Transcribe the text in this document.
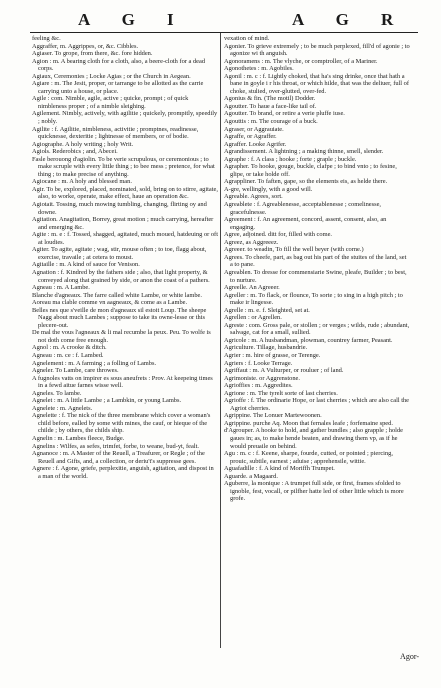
A G I	A G R

feeling &c.

Aggraffer, m. Aggrippes, or, &c. Cibbles.

Agiaser. To grope, from there, &c. fore hidden.

Agion : m. A bearing cloth for a cloth, also, a beere-cloth for a dead corps.

Agiaux, Ceremonies ; Locke Agias ; or the Church in Aegean.

Agiare : m. The Jesit, proper, or tarrange to be allotted as the carrie carrying unto a house, or place.

Agile : com. Nimble, agile, active ; quicke, prompt ; of quick nimbleness proper ; of a nimble sleighing.

Agilement. Nimbly, actively, with agilitie ; quickely, prompitly, speedily ; nobly.

Agilite : f. Agilitie, nimbleness, activitie ; promptnes, readinesse, quicknesse, dexteritie ; lightnesse of members, or of bodie.

Agiographe. A holy writing ; holy Writ.

Agiols. Rederobics ; and, Abecei.

Fasle berouong d'agiolin. To be verie scrupulous, or ceremonious ; to make scruple with every little thing ; to bee mess ; pretence, for what thing ; to make precise of anything.

Agiocane : m. A holy and blessed man.

Agir. To be, explored, placed, nominated, sold, bring on to stirre, agitate, also, to worke, operate, make effect, haue an operation &c.

Agiotait. Tossing, much mowing tumbling, changing, flirting oy and downe.

Agitation. Anagitation, Borrey, great motion ; much carrying, hereafter and emerging &c.

Agite : m. e : f. Tossed, shagged, agitated, much moued, hatdeuing or oft at loudies.

Agiter. To agite, agitate ; wag, stir, mouse often ; to toe, flagg about, exercise, travaile ; at cetera to moust.

Agitaille : m. A kind of sauce for Venison.

Agnation : f. Kindred by the fathers side ; also, that light property, & conveyed along that grained by side, or anon the coast of a pathers.

Agneau : m. A Lambe.

Blanche d'agneaux. The farre called white Lambe, or white lambe.

Aoreau ma clable comme vn aagneaux, & come as a Lambe.

Belles nes que s'veille de mon d'agneaux sil estoit Loup. The sheepe Nagg about much Lambes ; suppose to take its owne-lesse or this plecere-out.

De mal the vous l'agneaux & li mal recumbe la peux. Peu. To wolfe is not doth come free enough.

Agnol : m. A crooke & ditch.

Agneau : m. ce : f. Lambed.

Agnelement : m. A farming ; a folling of Lambs.

Agneler. To Lambe, care throwes.

A fugnoles vatts on impirer es sous aneufrets : Prov. At keepeing times in a fewd aitue farnes wisse well.

Agneles. To lambe.

Agnelet : m. A little Lambe ; a Lambkin, or young Lambs.

Agnelete : m. Agnelets.

Agnelette : f. The nick of the three membrane which cover a woman's child before, ealled by some with mines, the cauf, or hieque of the childe ; by others, the childs ship.

Agnelin : m. Lambes fleece, Budge.

Agnelins : Wilfes, as sefes, trimfet, forbe, to weane, bud-yt, fealt.

Agnanoce : m. A Master of the Reuell, a Treafurer, or Regle ; of the Reuell and Gifts, and, a collection, or deriu't's suppresse gees.

Agnere : f. Agone, griefe, perplexitie, anguish, agitation, and dispost in a man of the world.

vexation of mind.

Agonier. To grieve extremely ; to be much perplexed, fill'd of agonie ; to agonize wi th anguish.

Agonoramens : m. The vlyche, or comptroller, of a Mariner.

Agonothetes : m. Agobiles.

Agonil : m. c : f. Lightly choked, that ha's sing drinke, once that hath a bane in goyle i r his throat, or which hilde, that was the deliuer, full of choke, stulied, over-glutted, over-fed.

Agonius & fin. (The motil) Dodder.

Agoutter. To haue a face-like tail of.

Agoutter. To brand, or retire a verie pluffe iuse.

Agouttis : m. The courage of a buck.

Agraser, or Aggrauiate.

Agraffe, or Agraffer.

Agraffer. Looke Agrifer.

Agrandissement. A lightning ; a making thinne, smell, slender.

Agraphe : f. A class ; hooke ; forte ; graple ; buckle.

Agrapher. To hooke, gouge, buckle, clafpe ; to bind vnto ; to fesine, glipe, or take holde off.

Agrappliner. To faften, gape, so the elements eis, as helde there.

A-gre, wellingly, with a good will.

Agreable. Agrees, sort.

Agreablete : f. Agreablenesse, acceptablenesse ; comelinesse, gracefulnesse.

Agreement : f. An agreement, concord, assent, consent, also, an engaging.

Agree, adjoined. ditt for, filled with come.

Agreez, as Aggreeez.

Agreeer. to weadin, To fill the well beyer (with corne.)

Agrees. To cheefe, part, as bag out his part of the stuites of the land, set a to pane.

Agreablen. To dresse for commensiarie Swine, pleafe, Builder ; to best, to nurture.

Agreelle. An Agreeer.

Agreller : m. To flack, or flounce, To sorte ; to sing in a high pitch ; to make ir lingesse.

Agrelle : m. e. f. Sleighted, set at.

Agrellen : or Agrellen.

Agreste : com. Gross pale, or stollen ; or verges ; wilds, rude ; abundant, salvage, cat for a small, sullied.

Agricole : m. A husbandman, plowman, countrey farmer, Peasant.

Agriculture. Tillage, husbandrie.

Agrier : m. hire of grasse, or Terenge.

Agriers : f. Looke Terrage.

Agriffaut : m. A Vulturper, or rouluer ; of land.

Agrimoniste. or Aggrenstone.

Agrioffies : m. Aggredites.

Agrione : m. The tyrelt sorte of last cherries.

Agrioffe : f. The ordinarie Hope, or last cherries ; which are also call the Agriot cherries.

Agrippine. The Lonuer Martewoonen.

Agrippine. purche Aq. Moon that fernales leafe ; forfemaine sped.

d'Agrouper. A hooke to hold, and gather bundles ; also grapple ; holde gaues in; as, to make hende beaten, and drawing them vp, as if he would preuaile on behind.

Agu : m. c : f. Keene, sharpe, fourde, cutted, or pointed ; piercing, prouic, subtile, earnest ; aduise ; apprehensile, wittie.

Aguafadille : f. A kind of Moriffh Trumpet.

Aguarde. a Magaard.

Aguberre, la monique : A trumpet full side, or first, frames sfolded to ignoble, fest, vocall, or pilfher hatte led of other little which is more grofe.

Agor-
